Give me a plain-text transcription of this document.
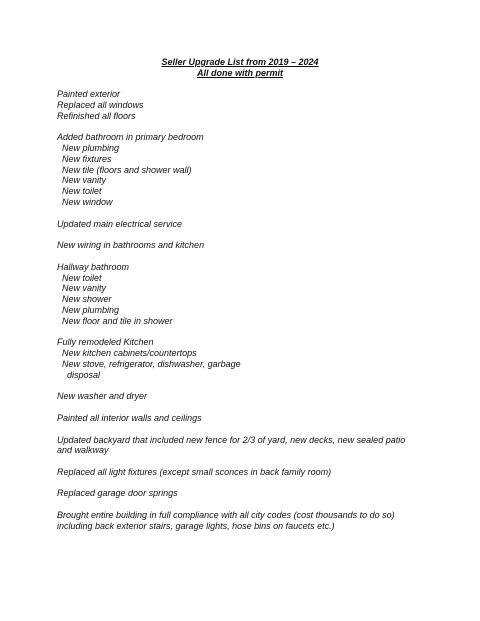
Seller Upgrade List from 2019 – 2024
All done with permit
Painted exterior
Replaced all windows
Refinished all floors
Added bathroom in primary bedroom
New plumbing
New fixtures
New tile (floors and shower wall)
New vanity
New toilet
New window
Updated main electrical service
New wiring in bathrooms and kitchen
Hallway bathroom
New toilet
New vanity
New shower
New plumbing
New floor and tile in shower
Fully remodeled Kitchen
New kitchen cabinets/countertops
New stove, refrigerator, dishwasher, garbage
disposal
New washer and dryer
Painted all interior walls and ceilings
Updated backyard that included new fence for 2/3 of yard, new decks, new sealed patio
and walkway
Replaced all light fixtures (except small sconces in back family room)
Replaced garage door springs
Brought entire building in full compliance with all city codes (cost thousands to do so)
including back exterior stairs, garage lights, hose bins on faucets etc.)
